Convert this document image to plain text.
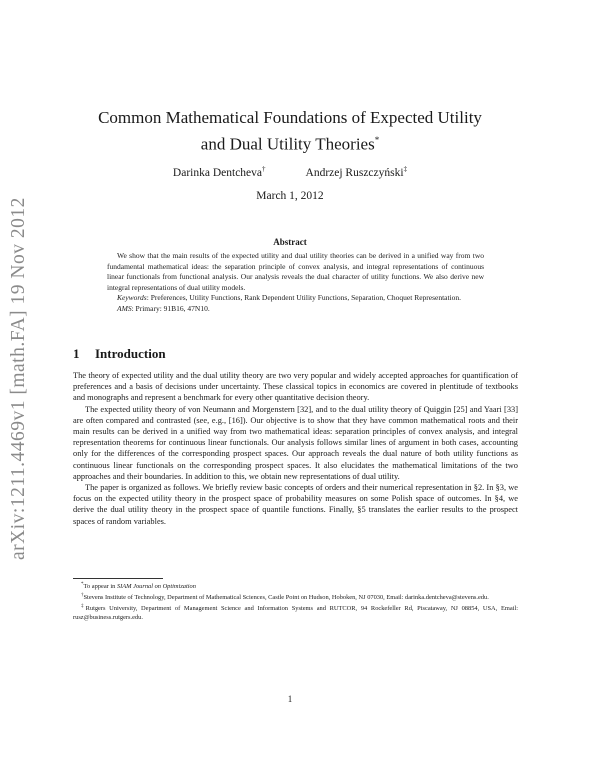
arXiv:1211.4469v1 [math.FA] 19 Nov 2012
Common Mathematical Foundations of Expected Utility
and Dual Utility Theories*
Darinka Dentcheva†	Andrzej Ruszczyński‡
March 1, 2012
Abstract

We show that the main results of the expected utility and dual utility theories can be derived in a unified way from two fundamental mathematical ideas: the separation principle of convex analysis, and integral representations of continuous linear functionals from functional analysis. Our analysis reveals the dual character of utility functions. We also derive new integral representations of dual utility models.

Keywords: Preferences, Utility Functions, Rank Dependent Utility Functions, Separation, Choquet Representation.

AMS: Primary: 91B16, 47N10.

1 Introduction

The theory of expected utility and the dual utility theory are two very popular and widely accepted approaches for quantification of preferences and a basis of decisions under uncertainty. These classical topics in economics are covered in plentitude of textbooks and monographs and represent a benchmark for every other quantitative decision theory.

The expected utility theory of von Neumann and Morgenstern [32], and to the dual utility theory of Quiggin [25] and Yaari [33] are often compared and contrasted (see, e.g., [16]). Our objective is to show that they have common mathematical roots and their main results can be derived in a unified way from two mathematical ideas: separation principles of convex analysis, and integral representation theorems for continuous linear functionals. Our analysis follows similar lines of argument in both cases, accounting only for the differences of the corresponding prospect spaces. Our approach reveals the dual nature of both utility functions as continuous linear functionals on the corresponding prospect spaces. It also elucidates the mathematical limitations of the two approaches and their boundaries. In addition to this, we obtain new representations of dual utility.

The paper is organized as follows. We briefly review basic concepts of orders and their numerical representation in §2. In §3, we focus on the expected utility theory in the prospect space of probability measures on some Polish space of outcomes. In §4, we derive the dual utility theory in the prospect space of quantile functions. Finally, §5 translates the earlier results to the prospect spaces of random variables.

*To appear in SIAM Journal on Optimization

†Stevens Institute of Technology, Department of Mathematical Sciences, Castle Point on Hudson, Hoboken, NJ 07030, Email: darinka.dentcheva@stevens.edu.

‡Rutgers University, Department of Management Science and Information Systems and RUTCOR, 94 Rockefeller Rd, Piscataway, NJ 08854, USA, Email: rusz@business.rutgers.edu.

1
